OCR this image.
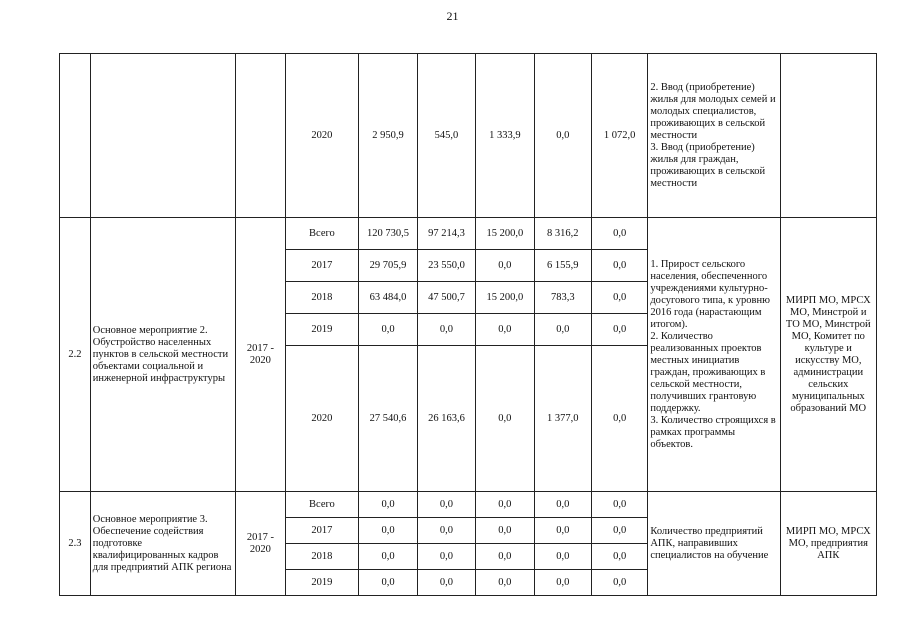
21
			2020	2 950,9	545,0	1 333,9	0,0	1 072,0	2. Ввод (приобретение) жилья для молодых семей и молодых специалистов, проживающих в сельской местности
3. Ввод (приобретение) жилья для граждан, проживающих в сельской местности	
2.2	Основное мероприятие 2. Обустройство населенных пунктов в сельской местности объектами социальной и инженерной инфраструктуры	2017 - 2020	Всего	120 730,5	97 214,3	15 200,0	8 316,2	0,0	1. Прирост сельского населения, обеспеченного учреждениями культурно-досугового типа, к уровню 2016 года (нарастающим итогом).
2. Количество реализованных проектов местных инициатив граждан, проживающих в сельской местности, получивших грантовую поддержку.
3. Количество строящихся в рамках программы объектов.	МИРП МО, МРСХ МО, Минстрой и ТО МО, Минстрой МО, Комитет по культуре и искусству МО, администрации сельских муниципальных образований МО
			2017	29 705,9	23 550,0	0,0	6 155,9	0,0		
			2018	63 484,0	47 500,7	15 200,0	783,3	0,0		
			2019	0,0	0,0	0,0	0,0	0,0		
			2020	27 540,6	26 163,6	0,0	1 377,0	0,0		
2.3	Основное мероприятие 3. Обеспечение содействия подготовке квалифицированных кадров для предприятий АПК региона	2017 - 2020	Всего	0,0	0,0	0,0	0,0	0,0	Количество предприятий АПК, направивших специалистов на обучение	МИРП МО, МРСХ МО, предприятия АПК
			2017	0,0	0,0	0,0	0,0	0,0		
			2018	0,0	0,0	0,0	0,0	0,0		
			2019	0,0	0,0	0,0	0,0	0,0		
